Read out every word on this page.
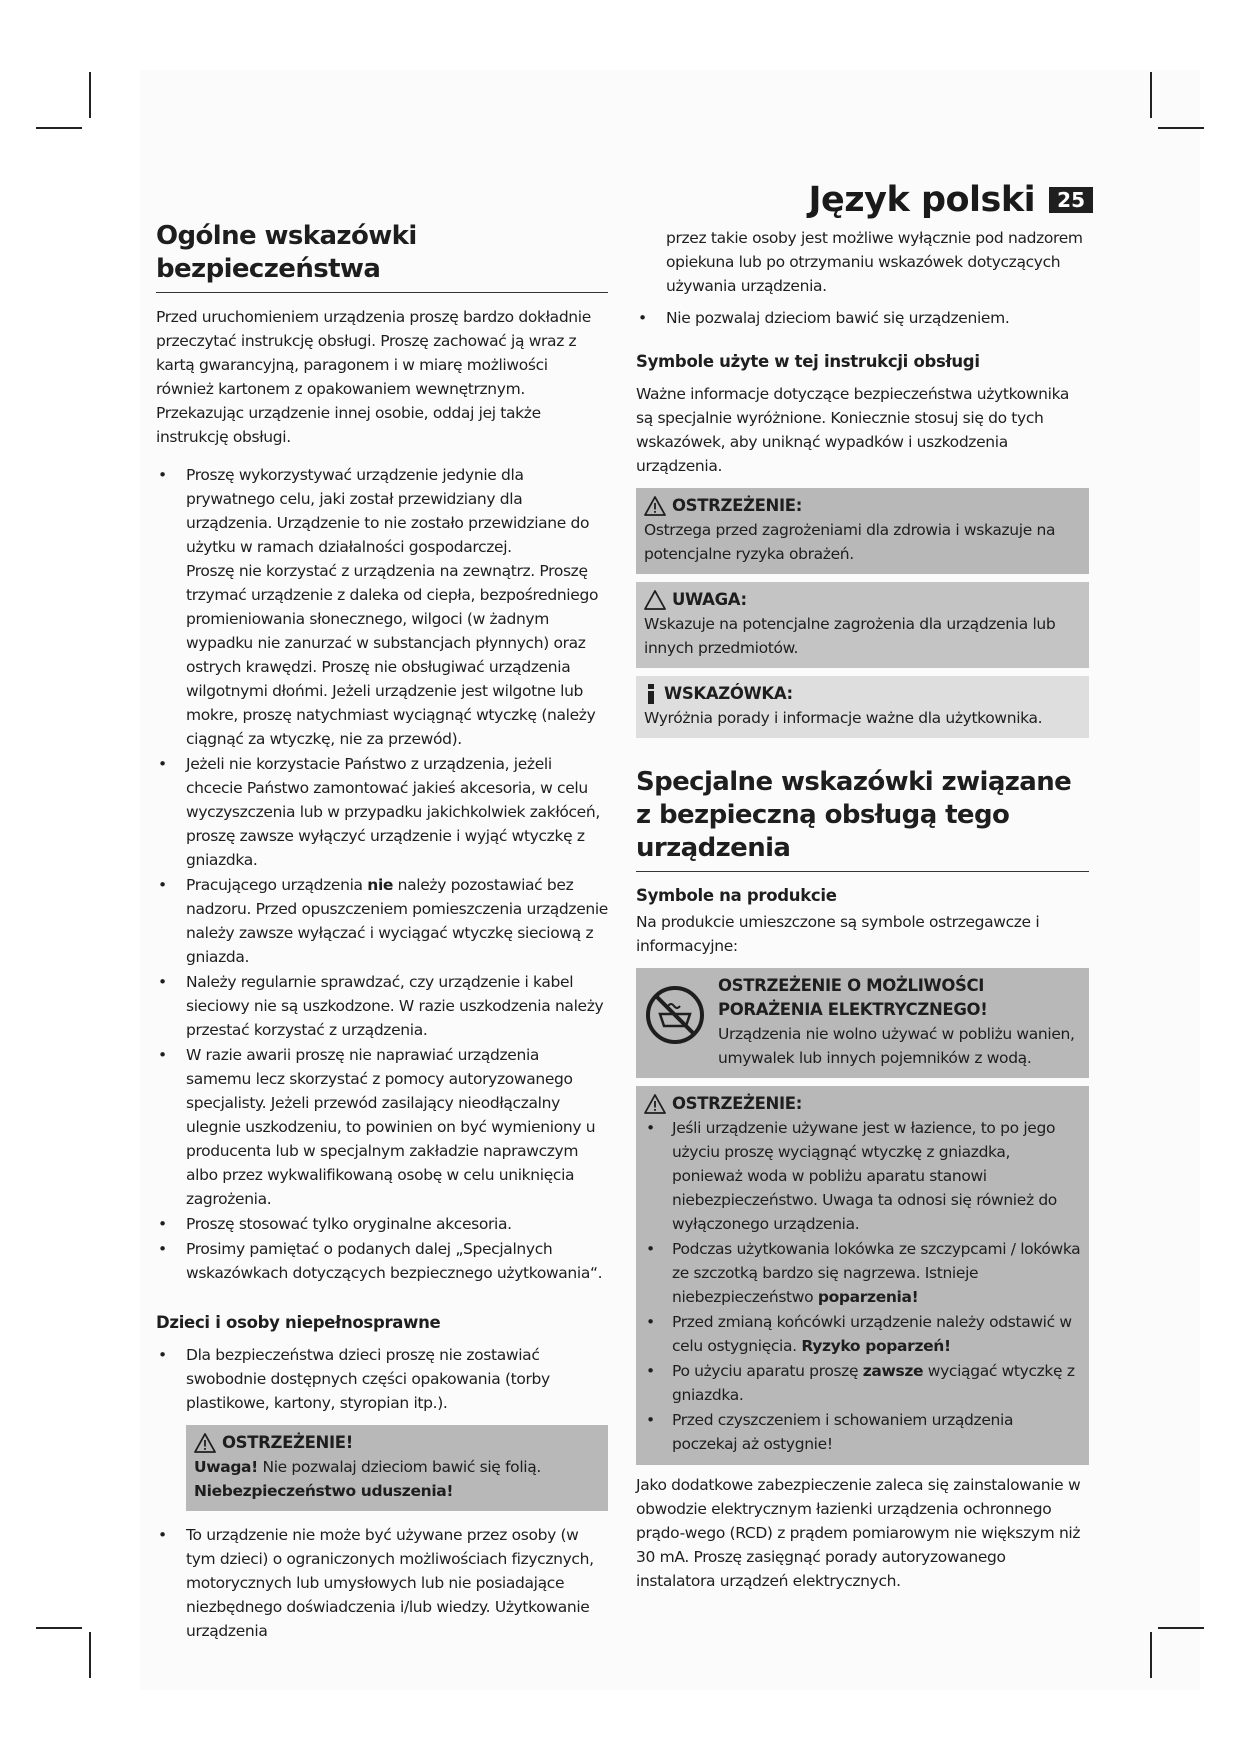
Język polski	25
Ogólne wskazówki bezpieczeństwa

Przed uruchomieniem urządzenia proszę bardzo dokładnie przeczytać instrukcję obsługi. Proszę zachować ją wraz z kartą gwarancyjną, paragonem i w miarę możliwości również kartonem z opakowaniem wewnętrznym. Przekazując urządzenie innej osobie, oddaj jej także instrukcję obsługi.

• Proszę wykorzystywać urządzenie jedynie dla prywatnego celu, jaki został przewidziany dla urządzenia. Urządzenie to nie zostało przewidziane do użytku w ramach działalności gospodarczej.
Proszę nie korzystać z urządzenia na zewnątrz. Proszę trzymać urządzenie z daleka od ciepła, bezpośredniego promieniowania słonecznego, wilgoci (w żadnym wypadku nie zanurzać w substancjach płynnych) oraz ostrych krawędzi. Proszę nie obsługiwać urządzenia wilgotnymi dłońmi. Jeżeli urządzenie jest wilgotne lub mokre, proszę natychmiast wyciągnąć wtyczkę (należy ciągnąć za wtyczkę, nie za przewód).
• Jeżeli nie korzystacie Państwo z urządzenia, jeżeli chcecie Państwo zamontować jakieś akcesoria, w celu wyczyszczenia lub w przypadku jakichkolwiek zakłóceń, proszę zawsze wyłączyć urządzenie i wyjąć wtyczkę z gniazdka.
• Pracującego urządzenia nie należy pozostawiać bez nadzoru. Przed opuszczeniem pomieszczenia urządzenie należy zawsze wyłączać i wyciągać wtyczkę sieciową z gniazda.
• Należy regularnie sprawdzać, czy urządzenie i kabel sieciowy nie są uszkodzone. W razie uszkodzenia należy przestać korzystać z urządzenia.
• W razie awarii proszę nie naprawiać urządzenia samemu lecz skorzystać z pomocy autoryzowanego specjalisty. Jeżeli przewód zasilający nieodłączalny ulegnie uszkodzeniu, to powinien on być wymieniony u producenta lub w specjalnym zakładzie naprawczym albo przez wykwalifikowaną osobę w celu uniknięcia zagrożenia.
• Proszę stosować tylko oryginalne akcesoria.
• Prosimy pamiętać o podanych dalej „Specjalnych wskazówkach dotyczących bezpiecznego użytkowania“.
Dzieci i osoby niepełnosprawne
• Dla bezpieczeństwa dzieci proszę nie zostawiać swobodnie dostępnych części opakowania (torby plastikowe, kartony, styropian itp.).
OSTRZEŻENIE!
Uwaga! Nie pozwalaj dzieciom bawić się folią. Niebezpieczeństwo uduszenia!
• To urządzenie nie może być używane przez osoby (w tym dzieci) o ograniczonych możliwościach fizycznych, motorycznych lub umysłowych lub nie posiadające niezbędnego doświadczenia i/lub wiedzy. Użytkowanie urządzenia
przez takie osoby jest możliwe wyłącznie pod nadzorem opiekuna lub po otrzymaniu wskazówek dotyczących używania urządzenia.
• Nie pozwalaj dzieciom bawić się urządzeniem.
Symbole użyte w tej instrukcji obsługi

Ważne informacje dotyczące bezpieczeństwa użytkownika są specjalnie wyróżnione. Koniecznie stosuj się do tych wskazówek, aby uniknąć wypadków i uszkodzenia urządzenia.

OSTRZEŻENIE:
Ostrzega przed zagrożeniami dla zdrowia i wskazuje na potencjalne ryzyka obrażeń.
UWAGA:
Wskazuje na potencjalne zagrożenia dla urządzenia lub innych przedmiotów.
WSKAZÓWKA:
Wyróżnia porady i informacje ważne dla użytkownika.
Specjalne wskazówki związane z bezpieczną obsługą tego urządzenia
Symbole na produkcie

Na produkcie umieszczone są symbole ostrzegawcze i informacyjne:

OSTRZEŻENIE O MOŻLIWOŚCI PORAŻENIA ELEKTRYCZNEGO!
Urządzenia nie wolno używać w pobliżu wanien, umywalek lub innych pojemników z wodą.
OSTRZEŻENIE:
• Jeśli urządzenie używane jest w łazience, to po jego użyciu proszę wyciągnąć wtyczkę z gniazdka, ponieważ woda w pobliżu aparatu stanowi niebezpieczeństwo. Uwaga ta odnosi się również do wyłączonego urządzenia.
• Podczas użytkowania lokówka ze szczypcami / lokówka ze szczotką bardzo się nagrzewa. Istnieje niebezpieczeństwo poparzenia!
• Przed zmianą końcówki urządzenie należy odstawić w celu ostygnięcia. Ryzyko poparzeń!
• Po użyciu aparatu proszę zawsze wyciągać wtyczkę z gniazdka.
• Przed czyszczeniem i schowaniem urządzenia poczekaj aż ostygnie!

Jako dodatkowe zabezpieczenie zaleca się zainstalowanie w obwodzie elektrycznym łazienki urządzenia ochronnego prądo-wego (RCD) z prądem pomiarowym nie większym niż 30 mA. Proszę zasięgnąć porady autoryzowanego instalatora urządzeń elektrycznych.
